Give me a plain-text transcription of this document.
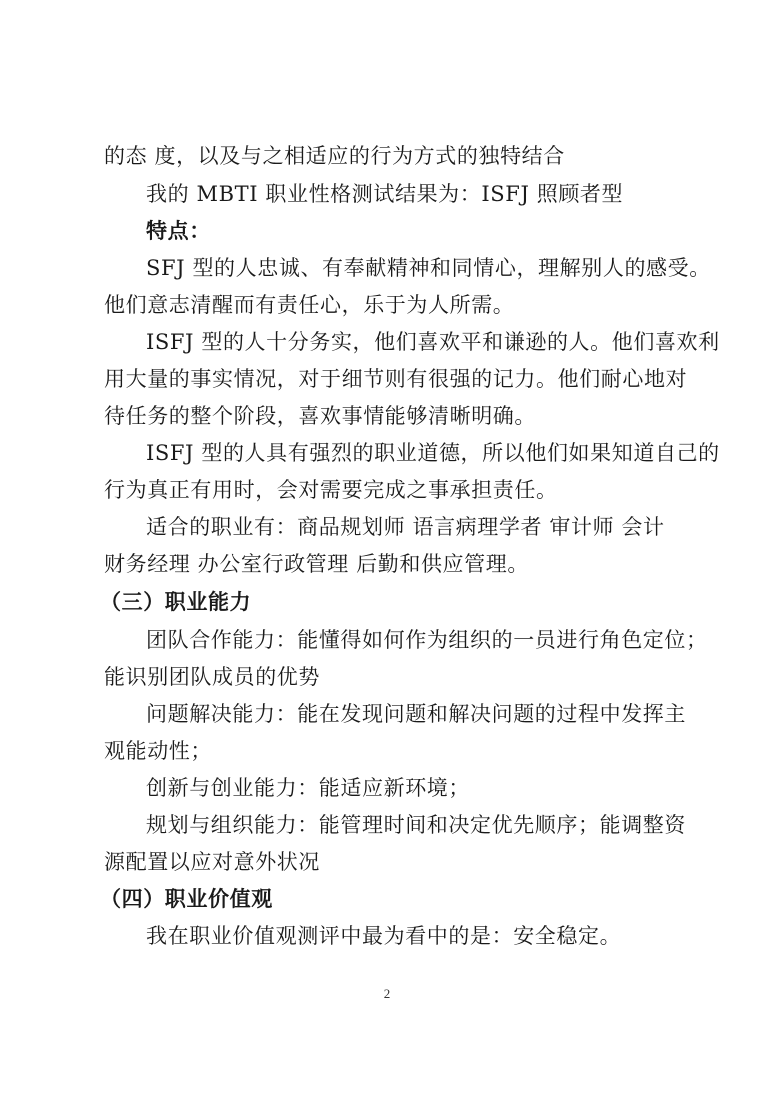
的态 度，以及与之相适应的行为方式的独特结合
我的 MBTI 职业性格测试结果为：ISFJ 照顾者型
特点：
SFJ 型的人忠诚、有奉献精神和同情心，理解别人的感受。
他们意志清醒而有责任心，乐于为人所需。
ISFJ 型的人十分务实，他们喜欢平和谦逊的人。他们喜欢利
用大量的事实情况，对于细节则有很强的记力。他们耐心地对
待任务的整个阶段，喜欢事情能够清晰明确。
ISFJ 型的人具有强烈的职业道德，所以他们如果知道自己的
行为真正有用时，会对需要完成之事承担责任。
适合的职业有：商品规划师 语言病理学者 审计师 会计
财务经理 办公室行政管理 后勤和供应管理。
（三）职业能力
团队合作能力：能懂得如何作为组织的一员进行角色定位；
能识别团队成员的优势
问题解决能力：能在发现问题和解决问题的过程中发挥主
观能动性；
创新与创业能力：能适应新环境；
规划与组织能力：能管理时间和决定优先顺序；能调整资
源配置以应对意外状况
（四）职业价值观
我在职业价值观测评中最为看中的是：安全稳定。
2
